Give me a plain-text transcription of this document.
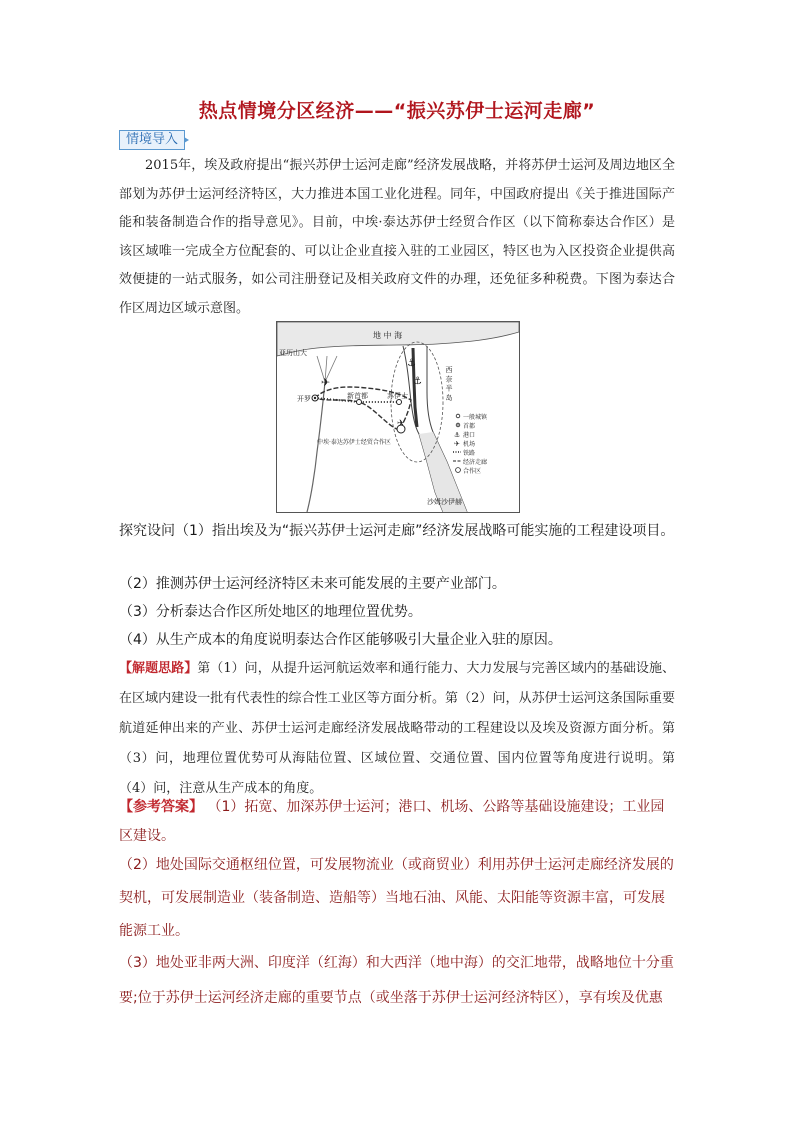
热点情境分区经济——“振兴苏伊士运河走廊”
情境导入
2015年，埃及政府提出“振兴苏伊士运河走廊”经济发展战略，并将苏伊士运河及周边地区全部划为苏伊士运河经济特区，大力推进本国工业化进程。同年，中国政府提出《关于推进国际产能和装备制造合作的指导意见》。目前，中埃·泰达苏伊士经贸合作区（以下简称泰达合作区）是该区域唯一完成全方位配套的、可以让企业直接入驻的工业园区，特区也为入区投资企业提供高效便捷的一站式服务，如公司注册登记及相关政府文件的办理，还免征多种税费。下图为泰达合作区周边区域示意图。
⚓
⚓
✈
✈
地 中 海
亚历山大
开罗	新首都	苏伊士
中埃·泰达苏伊士经贸合作区
沙姆沙伊赫
西 奈 半 岛
一般城镇
首都
⚓ 港口
✈ 机场
铁路
经济走廊
合作区
探究设问（1）指出埃及为“振兴苏伊士运河走廊”经济发展战略可能实施的工程建设项目。
（2）推测苏伊士运河经济特区未来可能发展的主要产业部门。
（3）分析泰达合作区所处地区的地理位置优势。
（4）从生产成本的角度说明泰达合作区能够吸引大量企业入驻的原因。
【解题思路】第（1）问，从提升运河航运效率和通行能力、大力发展与完善区域内的基础设施、在区域内建设一批有代表性的综合性工业区等方面分析。第（2）问，从苏伊士运河这条国际重要航道延伸出来的产业、苏伊士运河走廊经济发展战略带动的工程建设以及埃及资源方面分析。第（3）问，地理位置优势可从海陆位置、区域位置、交通位置、国内位置等角度进行说明。第（4）问，注意从生产成本的角度。
【参考答案】 （1）拓宽、加深苏伊士运河；港口、机场、公路等基础设施建设；工业园区建设。
（2）地处国际交通枢纽位置，可发展物流业（或商贸业）利用苏伊士运河走廊经济发展的契机，可发展制造业（装备制造、造船等）当地石油、风能、太阳能等资源丰富，可发展能源工业。
（3）地处亚非两大洲、印度洋（红海）和大西洋（地中海）的交汇地带，战略地位十分重要;位于苏伊士运河经济走廊的重要节点（或坐落于苏伊士运河经济特区），享有埃及优惠
